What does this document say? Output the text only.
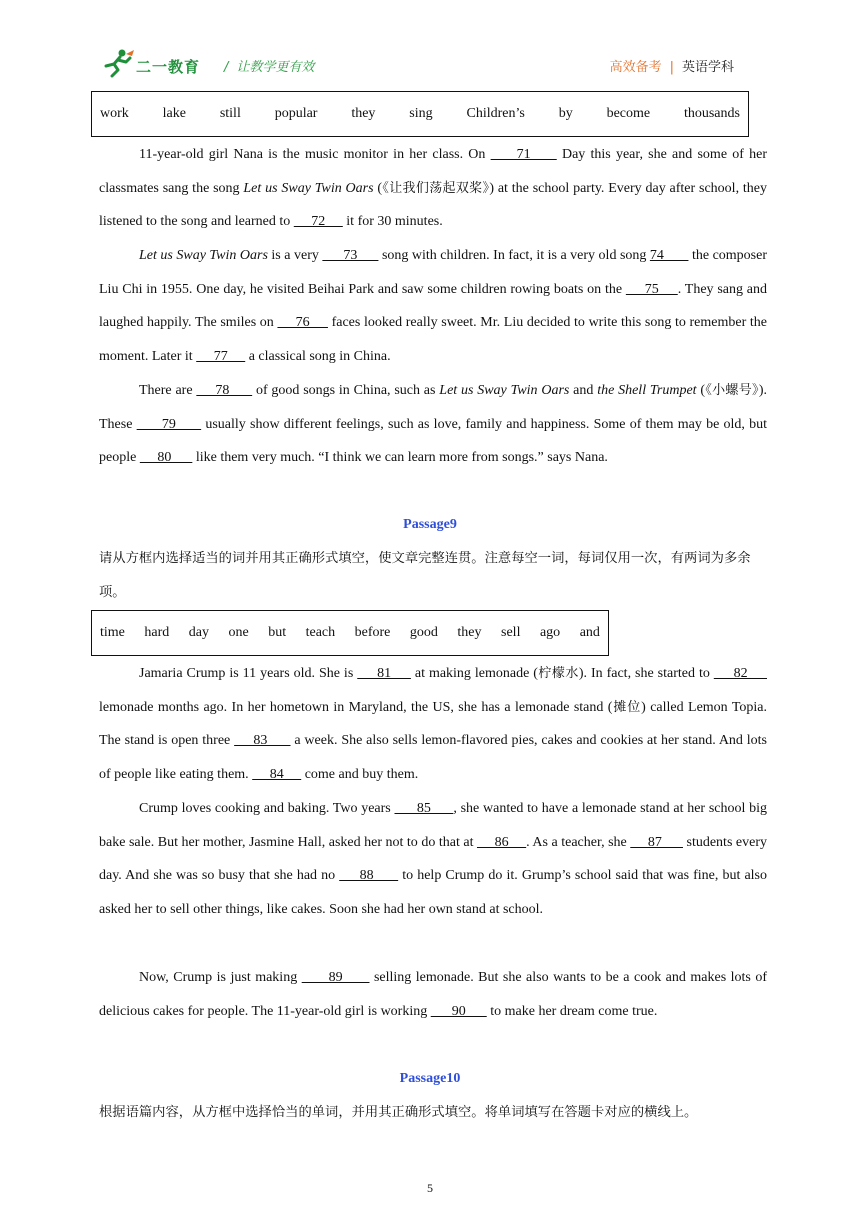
二一教育 / 让教学更有效	高效备考 | 英语学科
work lake still popular they sing Children’s by become thousands

11-year-old girl Nana is the music monitor in her class. On      71      Day this year, she and some of her classmates sang the song Let us Sway Twin Oars (《让我们荡起双桨》) at the school party. Every day after school, they listened to the song and learned to      72      it for 30 minutes.

Let us Sway Twin Oars is a very       73       song with children. In fact, it is a very old song 74        the composer Liu Chi in 1955. One day, he visited Beihai Park and saw some children rowing boats on the      75     . They sang and laughed happily. The smiles on      76      faces looked really sweet. Mr. Liu decided to write this song to remember the moment. Later it      77      a classical song in China.

There are      78       of good songs in China, such as Let us Sway Twin Oars and the Shell Trumpet (《小螺号》). These       79       usually show different feelings, such as love, family and happiness. Some of them may be old, but people      80       like them very much. “I think we can learn more from songs.” says Nana.

Passage9

请从方框内选择适当的词并用其正确形式填空，使文章完整连贯。注意每空一词，每词仅用一次，有两词为多余项。

time hard day one but teach before good they sell ago and

Jamaria Crump is 11 years old. She is      81      at making lemonade (柠檬水). In fact, she started to      82      lemonade months ago. In her hometown in Maryland, the US, she has a lemonade stand (摊位) called Lemon Topia. The stand is open three      83       a week. She also sells lemon-flavored pies, cakes and cookies at her stand. And lots of people like eating them.      84      come and buy them.

Crump loves cooking and baking. Two years       85      , she wanted to have a lemonade stand at her school big bake sale. But her mother, Jasmine Hall, asked her not to do that at      86     . As a teacher, she      87       students every day. And she was so busy that she had no      88       to help Crump do it. Grump’s school said that was fine, but also asked her to sell other things, like cakes. Soon she had her own stand at school.

Now, Crump is just making       89       selling lemonade. But she also wants to be a cook and makes lots of delicious cakes for people. The 11-year-old girl is working       90       to make her dream come true.

Passage10

根据语篇内容，从方框中选择恰当的单词，并用其正确形式填空。将单词填写在答题卡对应的横线上。

5
